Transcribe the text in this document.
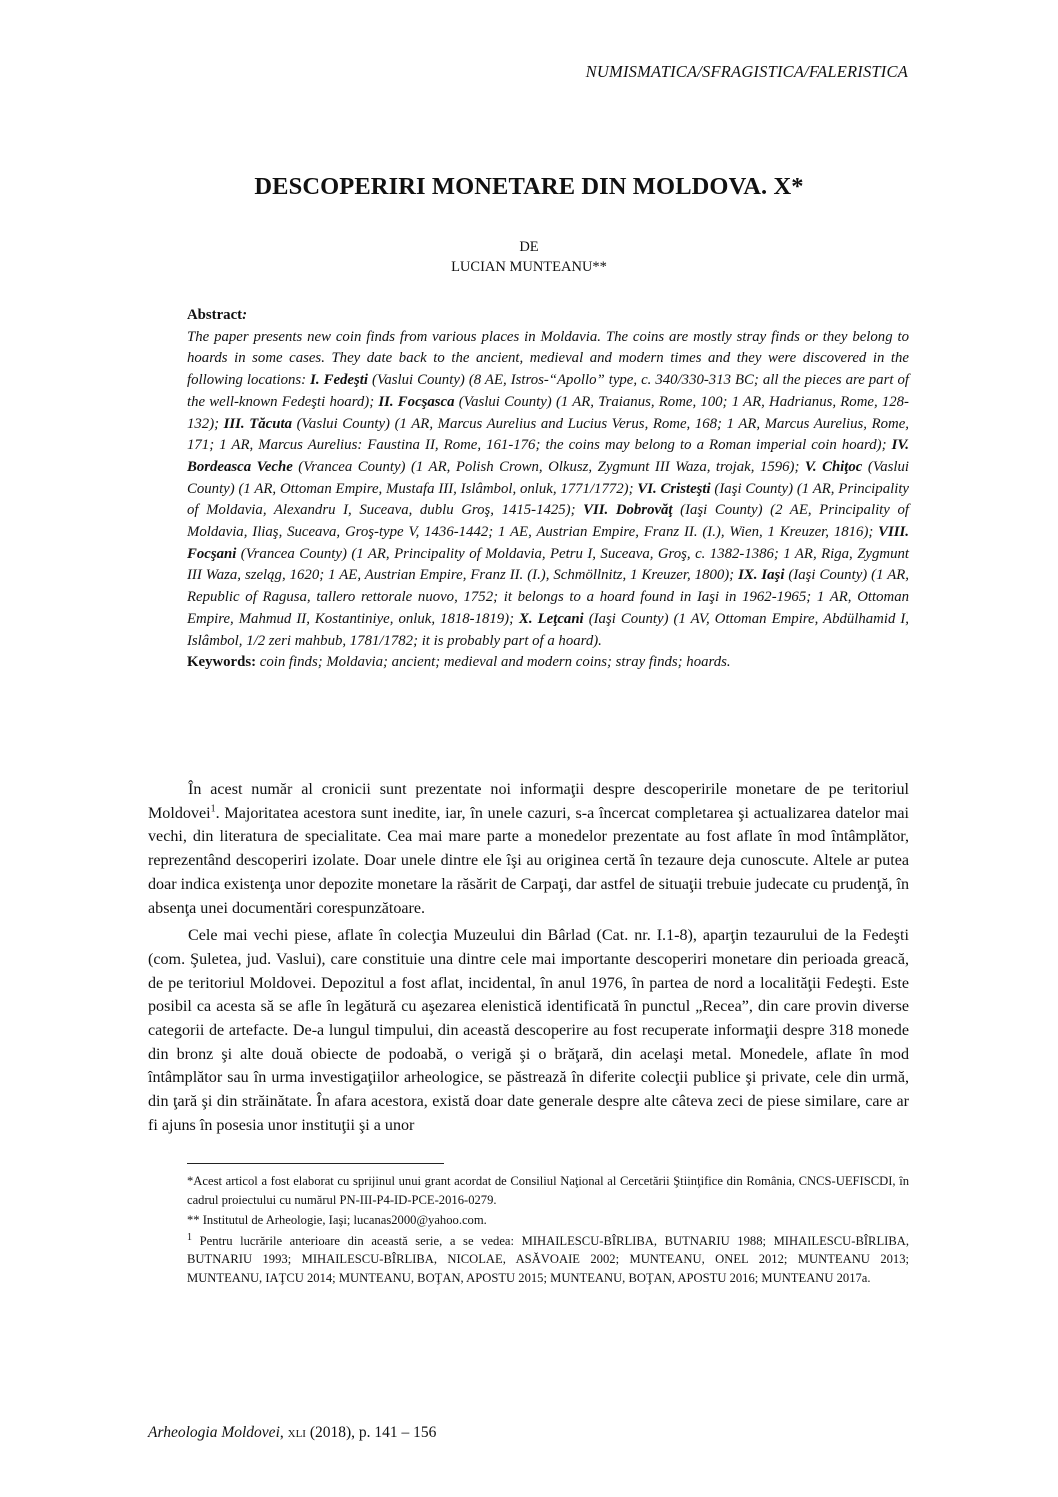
NUMISMATICA/SFRAGISTICA/FALERISTICA
DESCOPERIRI MONETARE DIN MOLDOVA. X*
DE
LUCIAN MUNTEANU**
Abstract:
The paper presents new coin finds from various places in Moldavia. The coins are mostly stray finds or they belong to hoards in some cases. They date back to the ancient, medieval and modern times and they were discovered in the following locations: I. Fedeşti (Vaslui County) (8 AE, Istros-“Apollo” type, c. 340/330-313 BC; all the pieces are part of the well-known Fedeşti hoard); II. Focşasca (Vaslui County) (1 AR, Traianus, Rome, 100; 1 AR, Hadrianus, Rome, 128-132); III. Tăcuta (Vaslui County) (1 AR, Marcus Aurelius and Lucius Verus, Rome, 168; 1 AR, Marcus Aurelius, Rome, 171; 1 AR, Marcus Aurelius: Faustina II, Rome, 161-176; the coins may belong to a Roman imperial coin hoard); IV. Bordeasca Veche (Vrancea County) (1 AR, Polish Crown, Olkusz, Zygmunt III Waza, trojak, 1596); V. Chiţoc (Vaslui County) (1 AR, Ottoman Empire, Mustafa III, Islâmbol, onluk, 1771/1772); VI. Cristeşti (Iaşi County) (1 AR, Principality of Moldavia, Alexandru I, Suceava, dublu Groş, 1415-1425); VII. Dobrovăţ (Iaşi County) (2 AE, Principality of Moldavia, Iliaş, Suceava, Groş-type V, 1436-1442; 1 AE, Austrian Empire, Franz II. (I.), Wien, 1 Kreuzer, 1816); VIII. Focşani (Vrancea County) (1 AR, Principality of Moldavia, Petru I, Suceava, Groş, c. 1382-1386; 1 AR, Riga, Zygmunt III Waza, szeląg, 1620; 1 AE, Austrian Empire, Franz II. (I.), Schmöllnitz, 1 Kreuzer, 1800); IX. Iaşi (Iaşi County) (1 AR, Republic of Ragusa, tallero rettorale nuovo, 1752; it belongs to a hoard found in Iaşi in 1962-1965; 1 AR, Ottoman Empire, Mahmud II, Kostantiniye, onluk, 1818-1819); X. Leţcani (Iaşi County) (1 AV, Ottoman Empire, Abdülhamid I, Islâmbol, 1/2 zeri mahbub, 1781/1782; it is probably part of a hoard).
Keywords: coin finds; Moldavia; ancient; medieval and modern coins; stray finds; hoards.

În acest număr al cronicii sunt prezentate noi informaţii despre descoperirile monetare de pe teritoriul Moldovei$^1$. Majoritatea acestora sunt inedite, iar, în unele cazuri, s-a încercat completarea şi actualizarea datelor mai vechi, din literatura de specialitate. Cea mai mare parte a monedelor prezentate au fost aflate în mod întâmplător, reprezentând descoperiri izolate. Doar unele dintre ele îşi au originea certă în tezaure deja cunoscute. Altele ar putea doar indica existenţa unor depozite monetare la răsărit de Carpaţi, dar astfel de situaţii trebuie judecate cu prudenţă, în absenţa unei documentări corespunzătoare.

Cele mai vechi piese, aflate în colecţia Muzeului din Bârlad (Cat. nr. I.1-8), aparţin tezaurului de la Fedeşti (com. Şuletea, jud. Vaslui), care constituie una dintre cele mai importante descoperiri monetare din perioada greacă, de pe teritoriul Moldovei. Depozitul a fost aflat, incidental, în anul 1976, în partea de nord a localităţii Fedeşti. Este posibil ca acesta să se afle în legătură cu aşezarea elenistică identificată în punctul „Recea”, din care provin diverse categorii de artefacte. De-a lungul timpului, din această descoperire au fost recuperate informaţii despre 318 monede din bronz şi alte două obiecte de podoabă, o verigă şi o brăţară, din acelaşi metal. Monedele, aflate în mod întâmplător sau în urma investigaţiilor arheologice, se păstrează în diferite colecţii publice şi private, cele din urmă, din ţară şi din străinătate. În afara acestora, există doar date generale despre alte câteva zeci de piese similare, care ar fi ajuns în posesia unor instituţii şi a unor

*Acest articol a fost elaborat cu sprijinul unui grant acordat de Consiliul Naţional al Cercetării Ştiinţifice din România, CNCS-UEFISCDI, în cadrul proiectului cu numărul PN-III-P4-ID-PCE-2016-0279.

** Institutul de Arheologie, Iaşi; lucanas2000@yahoo.com.

$^1$ Pentru lucrările anterioare din această serie, a se vedea: MIHAILESCU-BÎRLIBA, BUTNARIU 1988; MIHAILESCU-BÎRLIBA, BUTNARIU 1993; MIHAILESCU-BÎRLIBA, NICOLAE, ASĂVOAIE 2002; MUNTEANU, ONEL 2012; MUNTEANU 2013; MUNTEANU, IAŢCU 2014; MUNTEANU, BOŢAN, APOSTU 2015; MUNTEANU, BOŢAN, APOSTU 2016; MUNTEANU 2017a.

Arheologia Moldovei, xli (2018), p. 141 – 156
